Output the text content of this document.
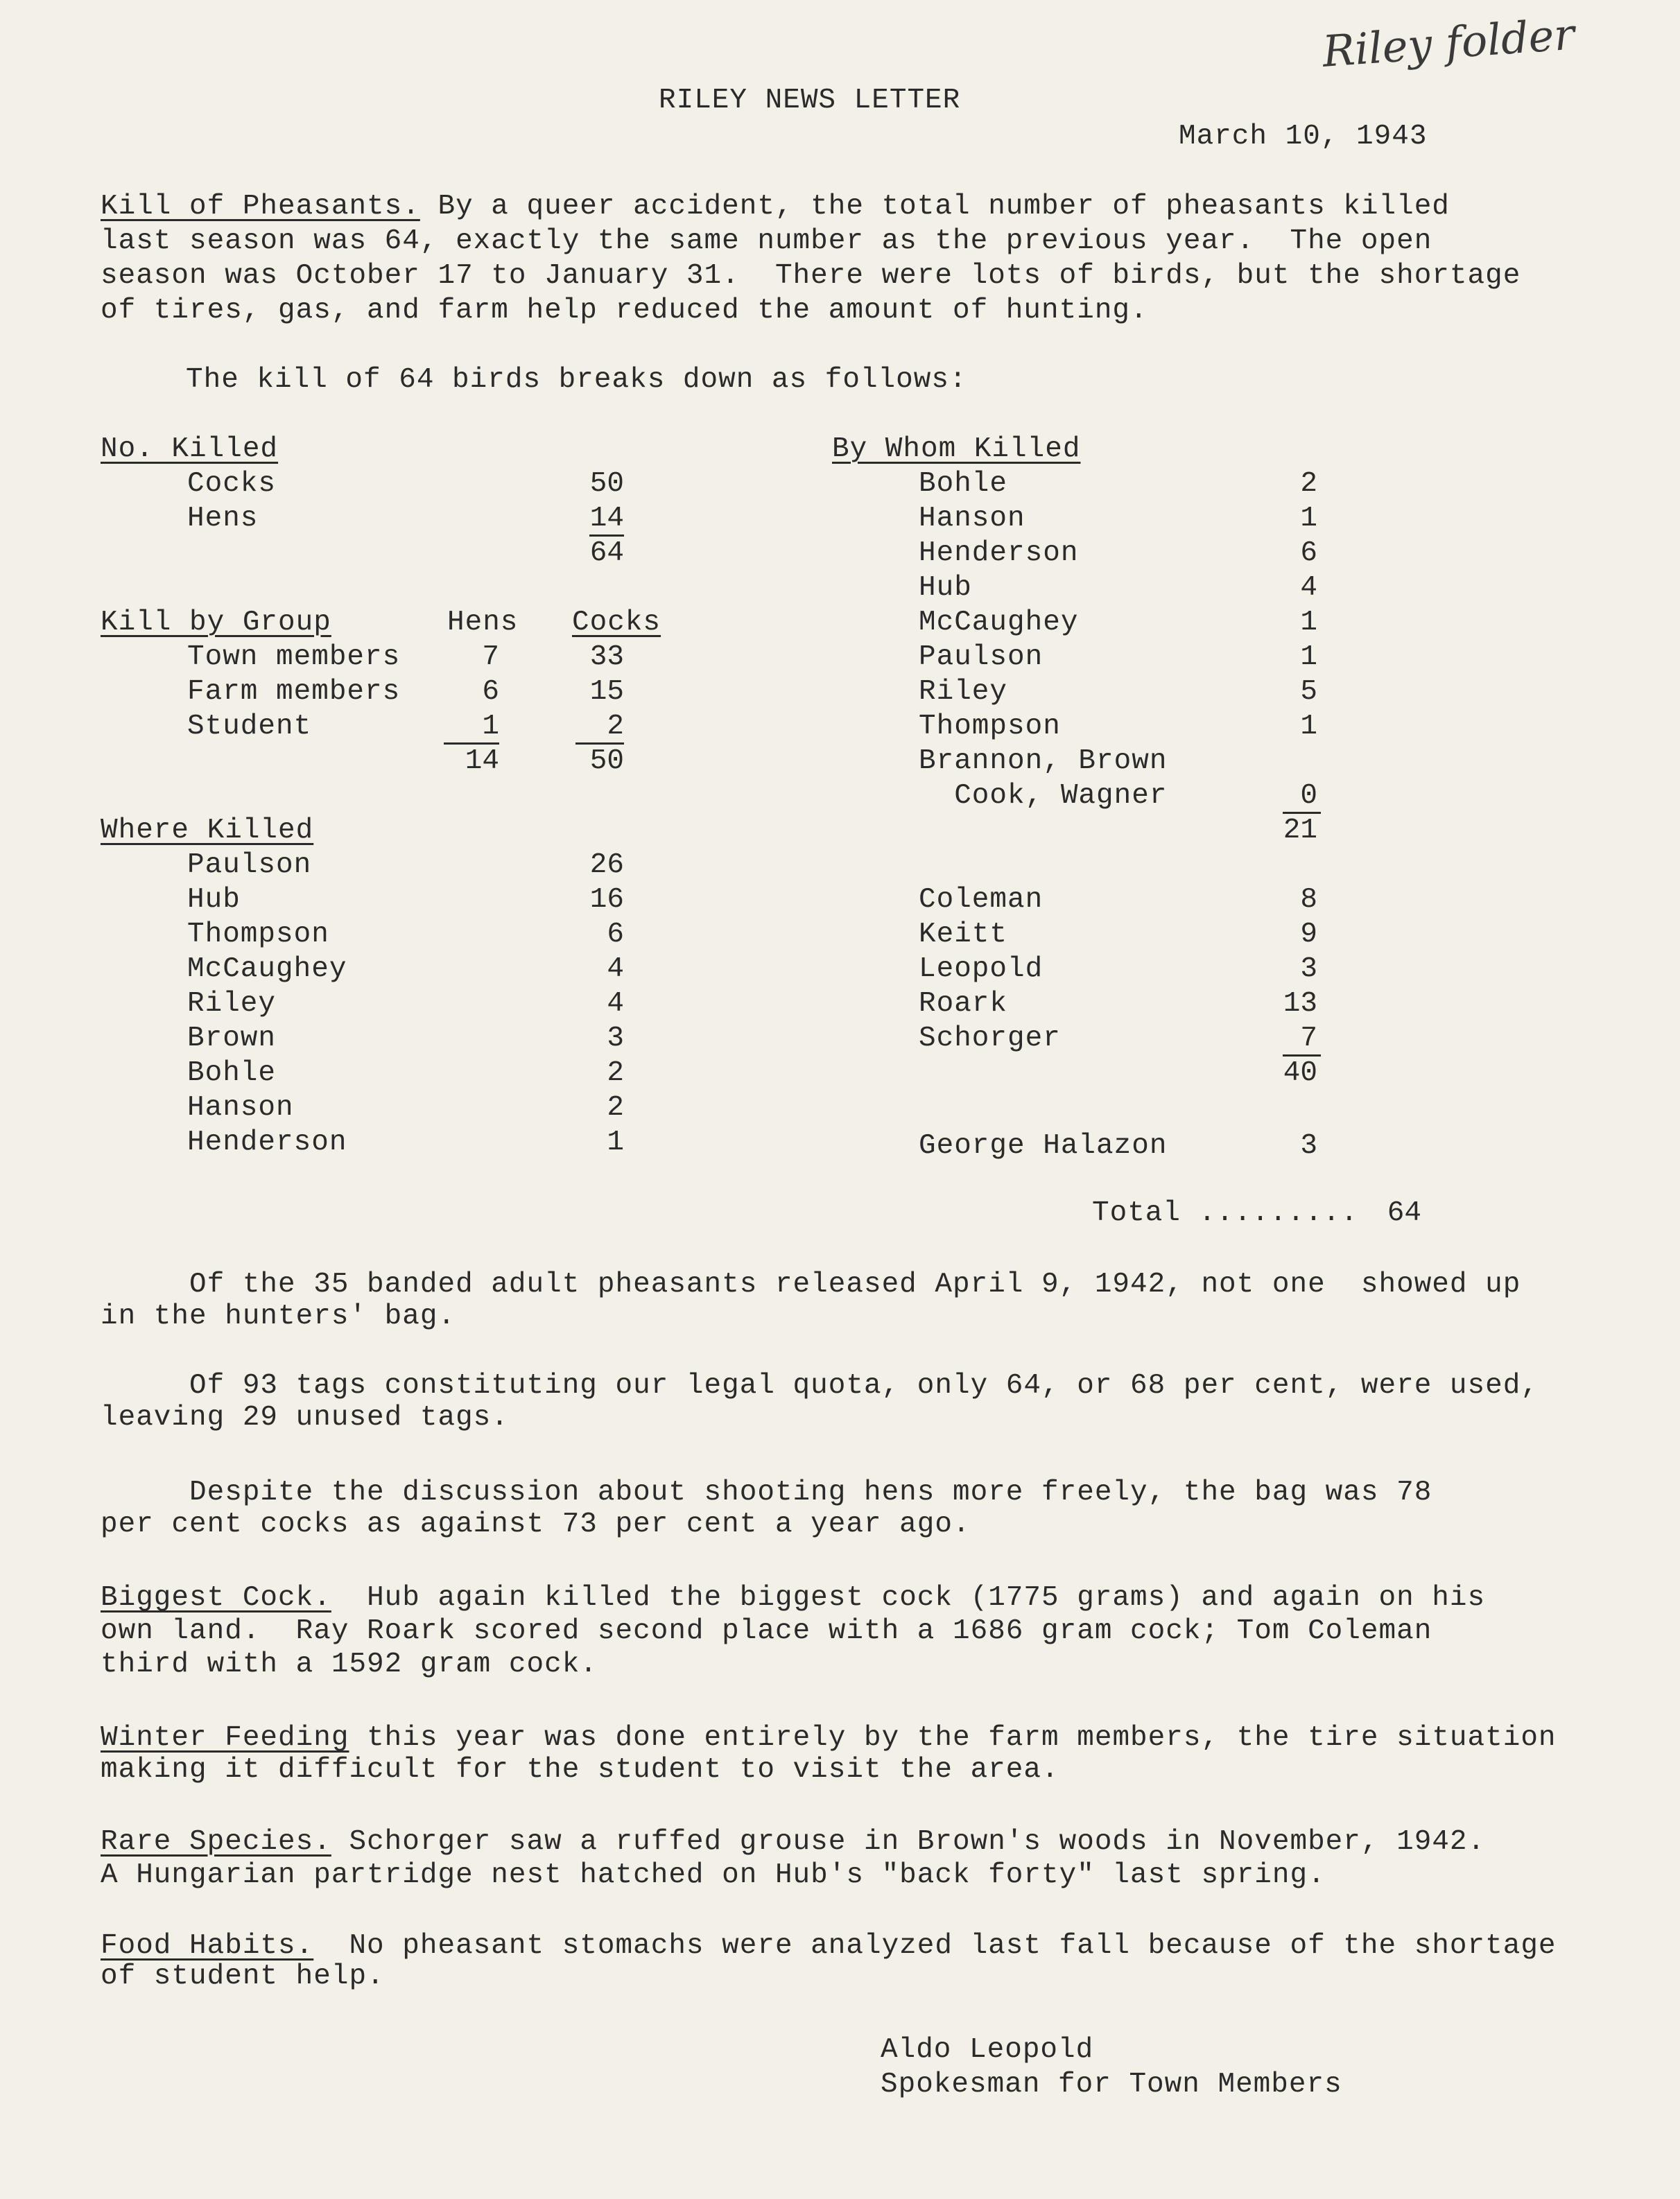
Riley folder
RILEY NEWS LETTER
March 10, 1943
Kill of Pheasants. By a queer accident, the total number of pheasants killed
last season was 64, exactly the same number as the previous year.  The open
season was October 17 to January 31.  There were lots of birds, but the shortage
of tires, gas, and farm help reduced the amount of hunting.
The kill of 64 birds breaks down as follows:
No. Killed
Cocks	50
Hens	14
64
Kill by Group	Hens Cocks
Town members	7	33
Farm members	6	15
Student	1	2
14	50
Where Killed
Paulson	26
Hub	16
Thompson	6
McCaughey	4
Riley	4
Brown	3
Bohle	2
Hanson	2
Henderson	1
By Whom Killed
Bohle	2
Hanson	1
Henderson	6
Hub	4
McCaughey	1
Paulson	1
Riley	5
Thompson	1
Brannon, Brown
Cook, Wagner	0
21
Coleman	8
Keitt	9
Leopold	3
Roark	13
Schorger	7
40
George Halazon	3
Total .........	64
Of the 35 banded adult pheasants released April 9, 1942, not one  showed up
in the hunters' bag.
Of 93 tags constituting our legal quota, only 64, or 68 per cent, were used,
leaving 29 unused tags.
Despite the discussion about shooting hens more freely, the bag was 78
per cent cocks as against 73 per cent a year ago.
Biggest Cock.  Hub again killed the biggest cock (1775 grams) and again on his
own land.  Ray Roark scored second place with a 1686 gram cock; Tom Coleman
third with a 1592 gram cock.
Winter Feeding this year was done entirely by the farm members, the tire situation
making it difficult for the student to visit the area.
Rare Species. Schorger saw a ruffed grouse in Brown's woods in November, 1942.
A Hungarian partridge nest hatched on Hub's "back forty" last spring.
Food Habits.  No pheasant stomachs were analyzed last fall because of the shortage
of student help.
Aldo Leopold
Spokesman for Town Members
